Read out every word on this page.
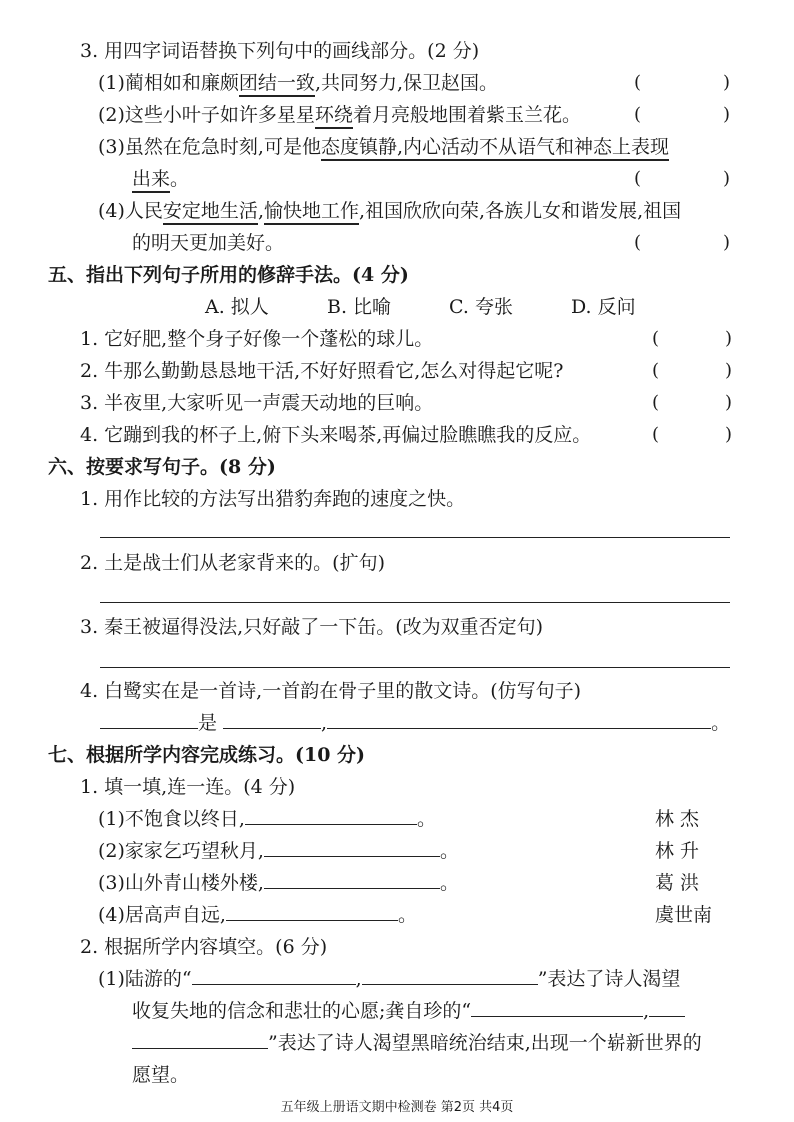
3. 用四字词语替换下列句中的画线部分。(2 分)
(1)蔺相如和廉颇团结一致,共同努力,保卫赵国。	(	)
(2)这些小叶子如许多星星环绕着月亮般地围着紫玉兰花。	(	)
(3)虽然在危急时刻,可是他态度镇静,内心活动不从语气和神态上表现
出来。	(	)
(4)人民安定地生活,愉快地工作,祖国欣欣向荣,各族儿女和谐发展,祖国
的明天更加美好。	(	)
五、指出下列句子所用的修辞手法。(4 分)
A. 拟人	B. 比喻	C. 夸张	D. 反问
1. 它好肥,整个身子好像一个蓬松的球儿。	(	)
2. 牛那么勤勤恳恳地干活,不好好照看它,怎么对得起它呢?	(	)
3. 半夜里,大家听见一声震天动地的巨响。	(	)
4. 它蹦到我的杯子上,俯下头来喝茶,再偏过脸瞧瞧我的反应。	(	)
六、按要求写句子。(8 分)
1. 用作比较的方法写出猎豹奔跑的速度之快。
2. 土是战士们从老家背来的。(扩句)
3. 秦王被逼得没法,只好敲了一下缶。(改为双重否定句)
4. 白鹭实在是一首诗,一首韵在骨子里的散文诗。(仿写句子)
是	,	。
七、根据所学内容完成练习。(10 分)
1. 填一填,连一连。(4 分)
(1)不饱食以终日,	。	林 杰
(2)家家乞巧望秋月,	。	林 升
(3)山外青山楼外楼,	。	葛 洪
(4)居高声自远,	。	虞世南
2. 根据所学内容填空。(6 分)
(1)陆游的“	,	”表达了诗人渴望
收复失地的信念和悲壮的心愿;龚自珍的“	,
”表达了诗人渴望黑暗统治结束,出现一个崭新世界的
愿望。
五年级上册语文期中检测卷 第2页 共4页
